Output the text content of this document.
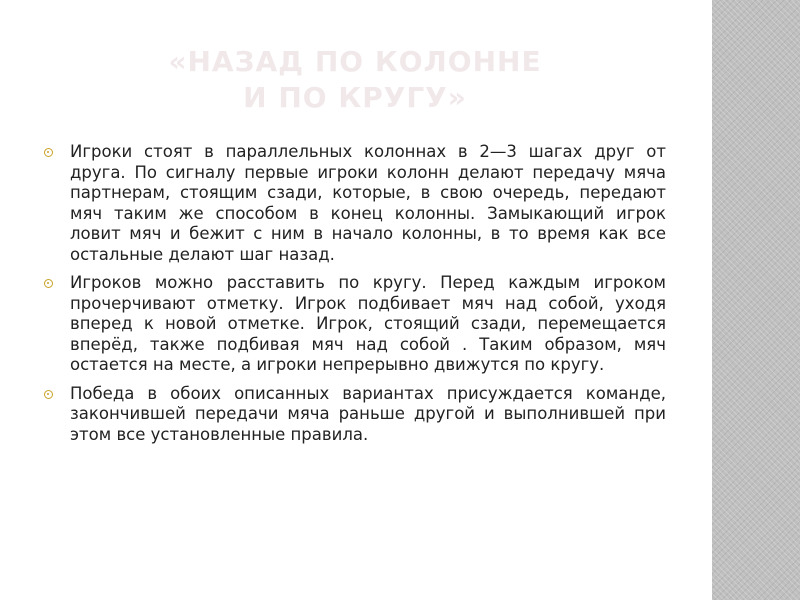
«НАЗАД ПО КОЛОННЕ
И ПО КРУГУ»

Игроки стоят в параллельных колоннах в 2—3 шагах друг от друга. По сигналу первые игроки колонн делают передачу мяча партнерам, стоящим сзади, которые, в свою очередь, передают мяч таким же способом в конец колонны. Замыкающий игрок ловит мяч и бежит с ним в начало колонны, в то время как все остальные делают шаг назад.

Игроков можно расставить по кругу. Перед каждым игроком прочерчивают отметку. Игрок подбивает мяч над собой, уходя вперед к новой отметке. Игрок, стоящий сзади, перемещается вперёд, также подбивая мяч над собой . Таким образом, мяч остается на месте, а игроки непрерывно движутся по кругу.

Победа в обоих описанных вариантах присуждается команде, закончившей передачи мяча раньше другой и выполнившей при этом все установленные правила.
